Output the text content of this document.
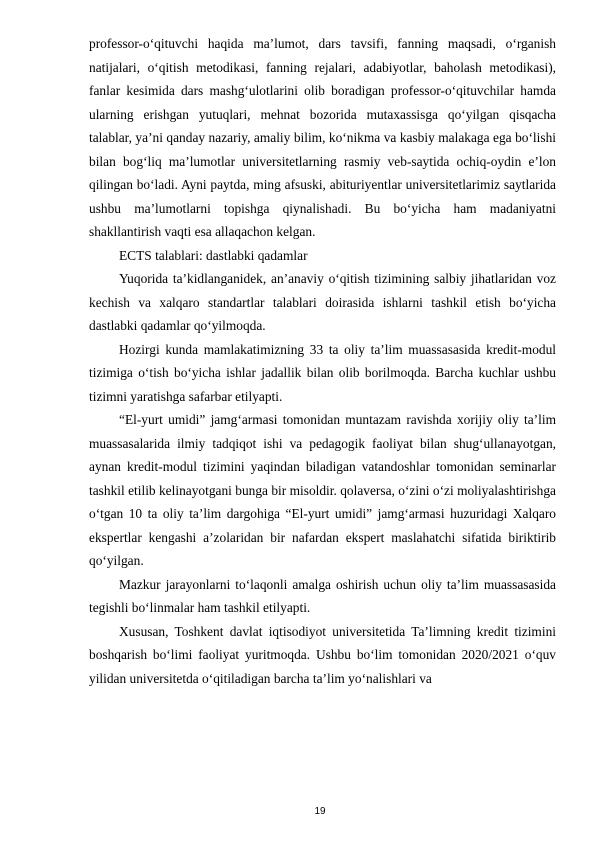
professor-o‘qituvchi haqida ma’lumot, dars tavsifi, fanning maqsadi, o‘rganish natijalari, o‘qitish metodikasi, fanning rejalari, adabiyotlar, baholash metodikasi), fanlar kesimida dars mashg‘ulotlarini olib boradigan professor-o‘qituvchilar hamda ularning erishgan yutuqlari, mehnat bozorida mutaxassisga qo‘yilgan qisqacha talablar, ya’ni qanday nazariy, amaliy bilim, ko‘nikma va kasbiy malakaga ega bo‘lishi bilan bog‘liq ma’lumotlar universitetlarning rasmiy veb-saytida ochiq-oydin e’lon qilingan bo‘ladi. Ayni paytda, ming afsuski, abituriyentlar universitetlarimiz saytlarida ushbu ma’lumotlarni topishga qiynalishadi. Bu bo‘yicha ham madaniyatni shakllantirish vaqti esa allaqachon kelgan.

ECTS talablari: dastlabki qadamlar

Yuqorida ta’kidlanganidek, an’anaviy o‘qitish tizimining salbiy jihatlaridan voz kechish va xalqaro standartlar talablari doirasida ishlarni tashkil etish bo‘yicha dastlabki qadamlar qo‘yilmoqda.

Hozirgi kunda mamlakatimizning 33 ta oliy ta’lim muassasasida kredit-modul tizimiga o‘tish bo‘yicha ishlar jadallik bilan olib borilmoqda. Barcha kuchlar ushbu tizimni yaratishga safarbar etilyapti.

“El-yurt umidi” jamg‘armasi tomonidan muntazam ravishda xorijiy oliy ta’lim muassasalarida ilmiy tadqiqot ishi va pedagogik faoliyat bilan shug‘ullanayotgan, aynan kredit-modul tizimini yaqindan biladigan vatandoshlar tomonidan seminarlar tashkil etilib kelinayotgani bunga bir misoldir. qolaversa, o‘zini o‘zi moliyalashtirishga o‘tgan 10 ta oliy ta’lim dargohiga “El-yurt umidi” jamg‘armasi huzuridagi Xalqaro ekspertlar kengashi a’zolaridan bir nafardan ekspert maslahatchi sifatida biriktirib qo‘yilgan.

Mazkur jarayonlarni to‘laqonli amalga oshirish uchun oliy ta’lim muassasasida tegishli bo‘linmalar ham tashkil etilyapti.

Xususan, Toshkent davlat iqtisodiyot universitetida Ta’limning kredit tizimini boshqarish bo‘limi faoliyat yuritmoqda. Ushbu bo‘lim tomonidan 2020/2021 o‘quv yilidan universitetda o‘qitiladigan barcha ta’lim yo‘nalishlari va

19
